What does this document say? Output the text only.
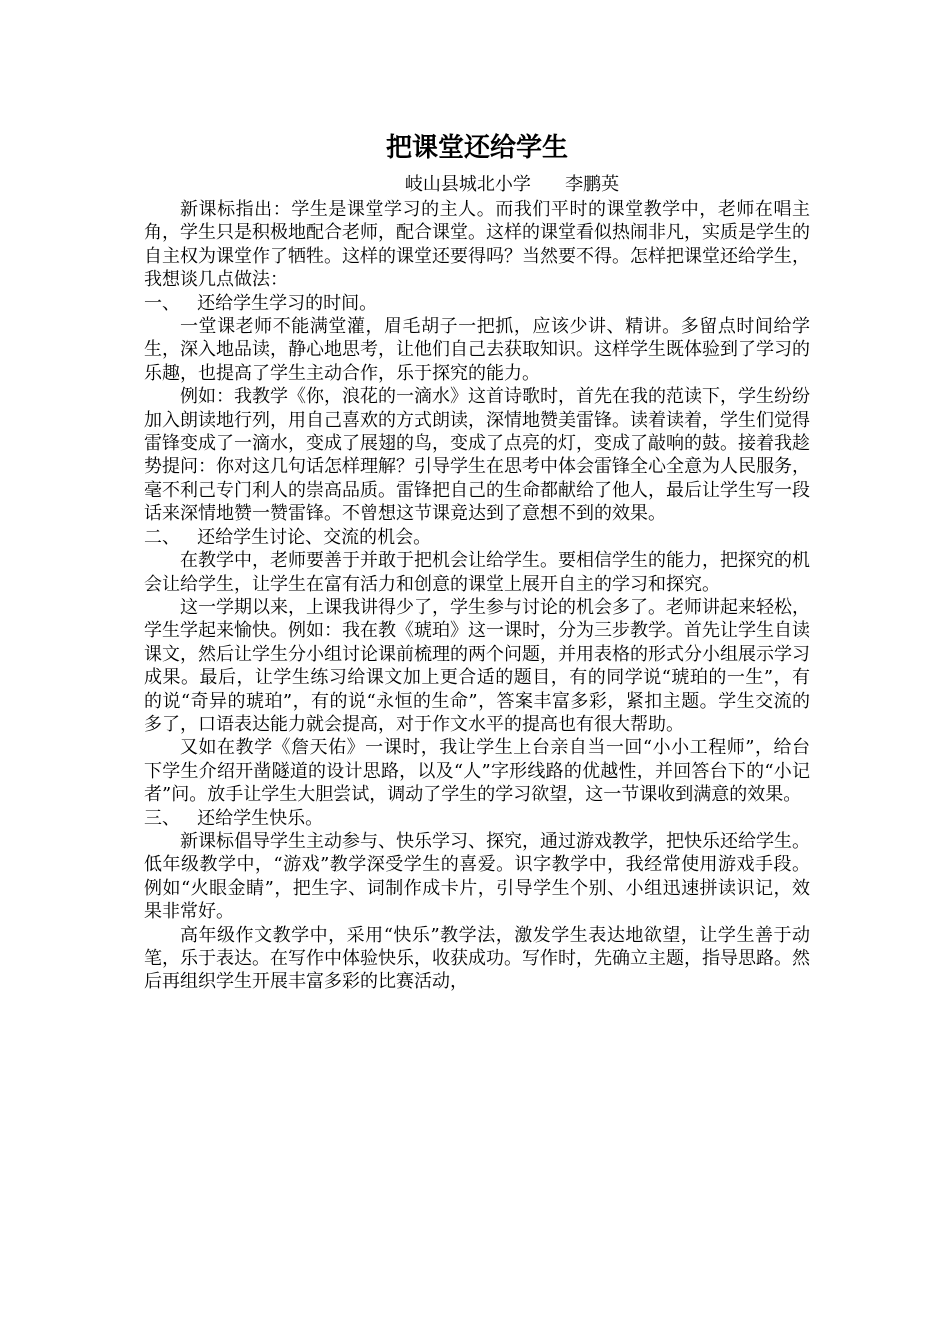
把课堂还给学生
岐山县城北小学      李鹏英

新课标指出：学生是课堂学习的主人。而我们平时的课堂教学中，老师在唱主角，学生只是积极地配合老师，配合课堂。这样的课堂看似热闹非凡，实质是学生的自主权为课堂作了牺牲。这样的课堂还要得吗？当然要不得。怎样把课堂还给学生，我想谈几点做法：

一、   还给学生学习的时间。

一堂课老师不能满堂灌，眉毛胡子一把抓，应该少讲、精讲。多留点时间给学生，深入地品读，静心地思考，让他们自己去获取知识。这样学生既体验到了学习的乐趣，也提高了学生主动合作，乐于探究的能力。

例如：我教学《你，浪花的一滴水》这首诗歌时，首先在我的范读下，学生纷纷加入朗读地行列，用自己喜欢的方式朗读，深情地赞美雷锋。读着读着，学生们觉得雷锋变成了一滴水，变成了展翅的鸟，变成了点亮的灯，变成了敲响的鼓。接着我趁势提问：你对这几句话怎样理解？引导学生在思考中体会雷锋全心全意为人民服务，毫不利己专门利人的崇高品质。雷锋把自己的生命都献给了他人，最后让学生写一段话来深情地赞一赞雷锋。不曾想这节课竟达到了意想不到的效果。

二、   还给学生讨论、交流的机会。

在教学中，老师要善于并敢于把机会让给学生。要相信学生的能力，把探究的机会让给学生，让学生在富有活力和创意的课堂上展开自主的学习和探究。

这一学期以来，上课我讲得少了，学生参与讨论的机会多了。老师讲起来轻松，学生学起来愉快。例如：我在教《琥珀》这一课时，分为三步教学。首先让学生自读课文，然后让学生分小组讨论课前梳理的两个问题，并用表格的形式分小组展示学习成果。最后，让学生练习给课文加上更合适的题目，有的同学说“琥珀的一生”，有的说“奇异的琥珀”，有的说“永恒的生命”，答案丰富多彩，紧扣主题。学生交流的多了，口语表达能力就会提高，对于作文水平的提高也有很大帮助。

又如在教学《詹天佑》一课时，我让学生上台亲自当一回“小小工程师”，给台下学生介绍开凿隧道的设计思路，以及“人”字形线路的优越性，并回答台下的“小记者”问。放手让学生大胆尝试，调动了学生的学习欲望，这一节课收到满意的效果。

三、   还给学生快乐。

新课标倡导学生主动参与、快乐学习、探究，通过游戏教学，把快乐还给学生。低年级教学中，“游戏”教学深受学生的喜爱。识字教学中，我经常使用游戏手段。例如“火眼金睛”，把生字、词制作成卡片，引导学生个别、小组迅速拼读识记，效果非常好。

高年级作文教学中，采用“快乐”教学法，激发学生表达地欲望，让学生善于动笔，乐于表达。在写作中体验快乐，收获成功。写作时，先确立主题，指导思路。然后再组织学生开展丰富多彩的比赛活动，
